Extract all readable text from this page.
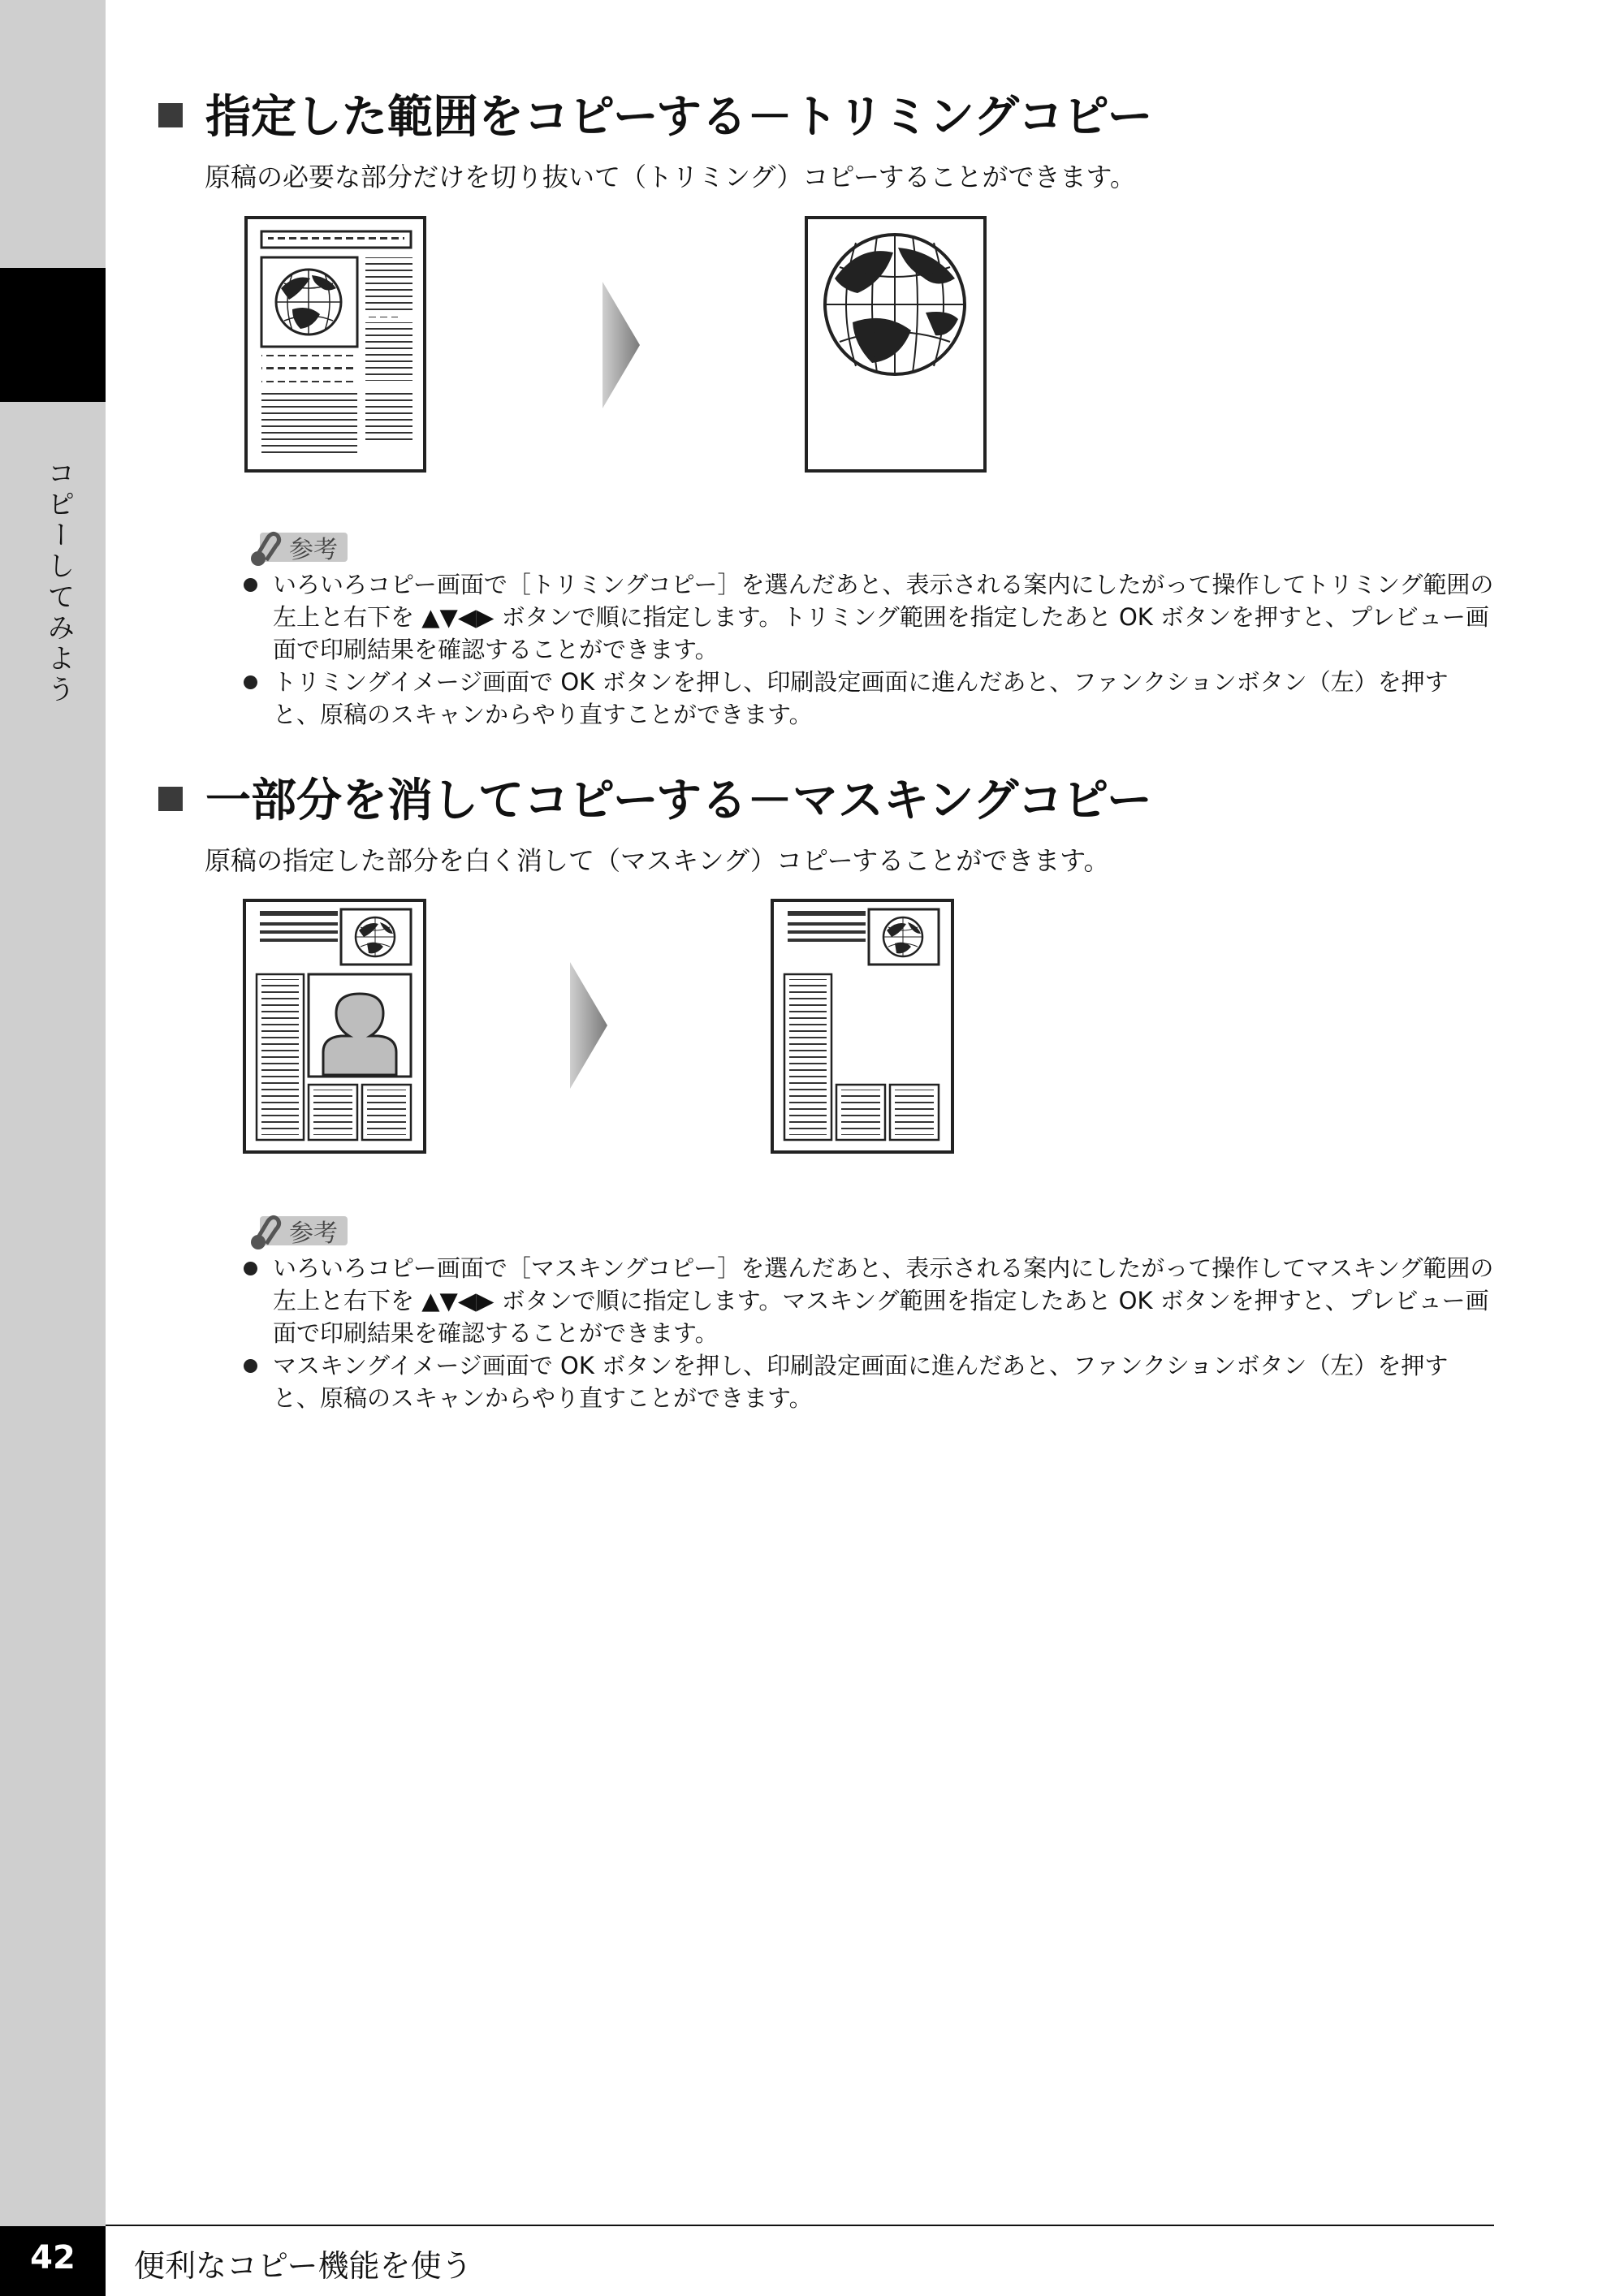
コピーしてみよう
指定した範囲をコピーする－トリミングコピー
原稿の必要な部分だけを切り抜いて（トリミング）コピーすることができます。
参考
いろいろコピー画面で［トリミングコピー］を選んだあと、表示される案内にしたがって操作してトリミング範囲の左上と右下を ▲▼◀▶ ボタンで順に指定します。トリミング範囲を指定したあと OK ボタンを押すと、プレビュー画面で印刷結果を確認することができます。
トリミングイメージ画面で OK ボタンを押し、印刷設定画面に進んだあと、ファンクションボタン（左）を押すと、原稿のスキャンからやり直すことができます。
一部分を消してコピーする－マスキングコピー
原稿の指定した部分を白く消して（マスキング）コピーすることができます。
参考
いろいろコピー画面で［マスキングコピー］を選んだあと、表示される案内にしたがって操作してマスキング範囲の左上と右下を ▲▼◀▶ ボタンで順に指定します。マスキング範囲を指定したあと OK ボタンを押すと、プレビュー画面で印刷結果を確認することができます。
マスキングイメージ画面で OK ボタンを押し、印刷設定画面に進んだあと、ファンクションボタン（左）を押すと、原稿のスキャンからやり直すことができます。
42	便利なコピー機能を使う
